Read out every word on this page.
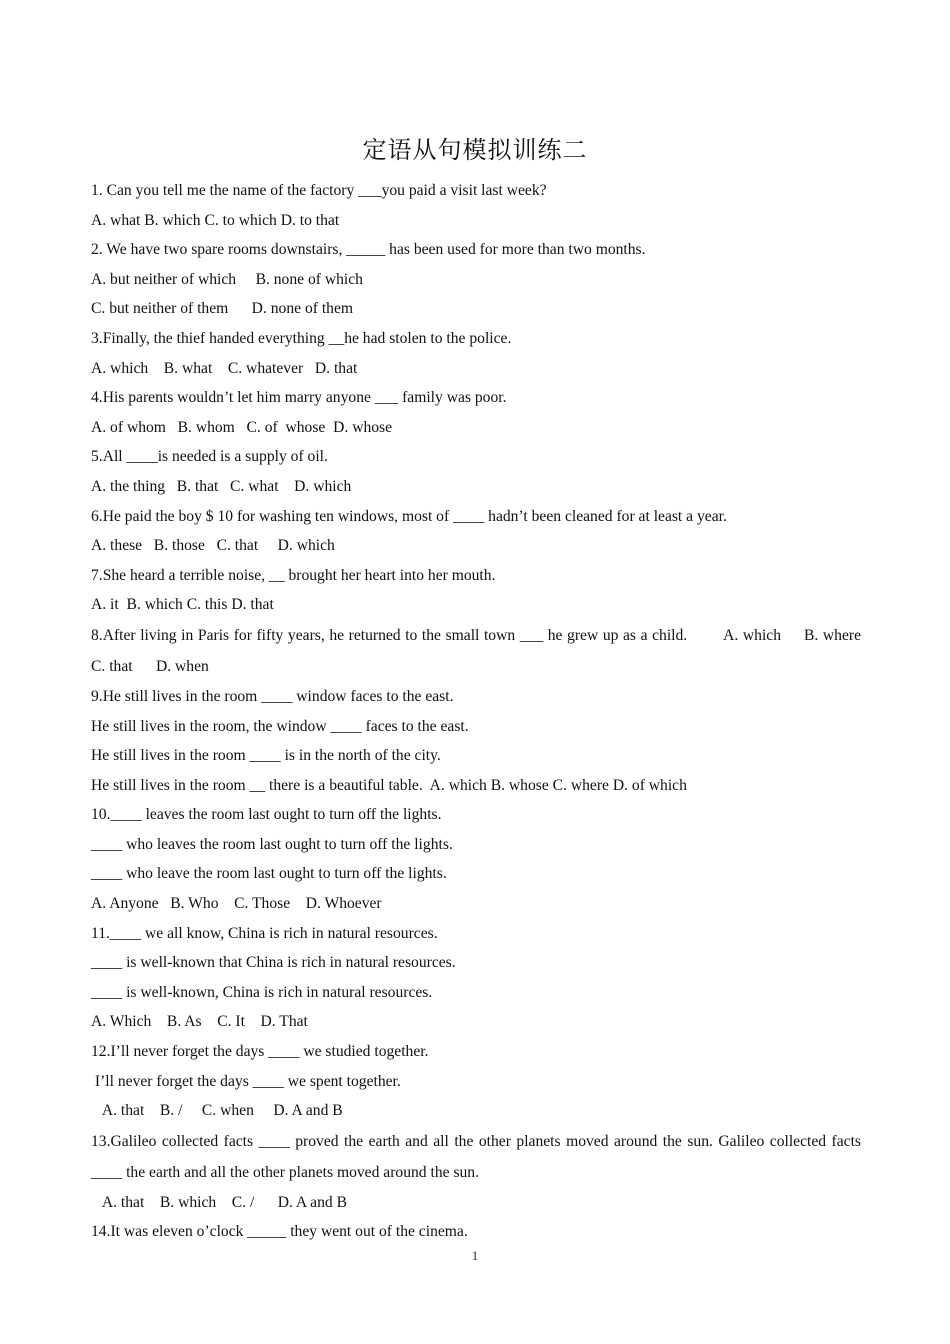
定语从句模拟训练二
1. Can you tell me the name of the factory ___you paid a visit last week?
A. what B. which C. to which D. to that
2. We have two spare rooms downstairs, _____ has been used for more than two months.
A. but neither of which     B. none of which
C. but neither of them      D. none of them
3.Finally, the thief handed everything __he had stolen to the police.
A. which    B. what    C. whatever   D. that
4.His parents wouldn’t let him marry anyone ___ family was poor.
A. of whom   B. whom   C. of  whose  D. whose
5.All ____is needed is a supply of oil.
A. the thing   B. that   C. what    D. which
6.He paid the boy $ 10 for washing ten windows, most of ____ hadn’t been cleaned for at least a year.
A. these   B. those   C. that     D. which
7.She heard a terrible noise, __ brought her heart into her mouth.
A. it  B. which C. this D. that
8.After living in Paris for fifty years, he returned to the small town ___ he grew up as a child.        A. which     B. where      C. that      D. when
9.He still lives in the room ____ window faces to the east.
He still lives in the room, the window ____ faces to the east.
He still lives in the room ____ is in the north of the city.
He still lives in the room __ there is a beautiful table.  A. which B. whose C. where D. of which
10.____ leaves the room last ought to turn off the lights.
____ who leaves the room last ought to turn off the lights.
____ who leave the room last ought to turn off the lights.
A. Anyone   B. Who    C. Those    D. Whoever
11.____ we all know, China is rich in natural resources.
____ is well-known that China is rich in natural resources.
____ is well-known, China is rich in natural resources.
A. Which    B. As    C. It    D. That
12.I’ll never forget the days ____ we studied together.
I’ll never forget the days ____ we spent together.
A. that    B. /     C. when     D. A and B
13.Galileo collected facts ____ proved the earth and all the other planets moved around the sun. Galileo collected facts ____ the earth and all the other planets moved around the sun.
A. that    B. which    C. /      D. A and B
14.It was eleven o’clock _____ they went out of the cinema.
1
